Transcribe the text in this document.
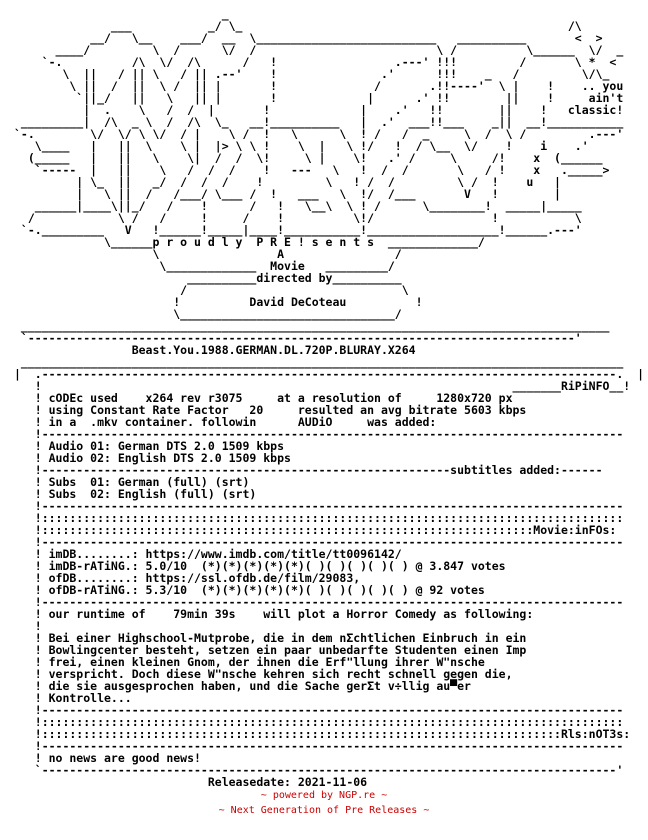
_
___           _/ \_                                               /\
__/   \__    ___/  __  \__________________________   __________       <  >
____/         \  /      \/  /                          \ /          \______  \/  _
`-.          /\  \/  /\      /   !                 .---' !!!         /       \ *  <
\  ||   / || \   / || .--'    !               .'      !!!    _   /         \/\_
\ ||  /  ||  \ /  || |       !              /       .!!----'  \ |    !    .. you
`||_/   ||   \   || |       !             |      .' !!        ||    !     ain't
|  .    \   /  /  |       !             |    .'   !!        ||    !   classic!
_________|  /\  _ \  /  /\  \_   __!__________   |  .'  ___!!___    _||  __!___________
`-.        \/  \/ \ \/  / |    \ /  !   \      \  ! /   /  _     \  /  \ /         .---'
\____   |   ||  \    \ |  |> \ \ !    \  |   \ !/   !  / \__  \/    !    i    .'
(_____   |   ||   \    \|  /  /  \!     \ |    \!   .' /     \     /!    x  (______
`-----  |   ||    \   /  /  /    !   ---   \   !  /  /       \   / !    x   ._____>
| \_  ||   _/  /  /  /    !         \   ! /  /         \ /  !    u   |
|   \ ||  /   /___/ \___ /  !   ___   \  !/  /___       V   !        |
______|____\||_/   /    !      /   !   \__\  \ ! /      \________!  _____|_____
/            \ /   /     !     /    !          \!/                 !           \
`-._________   V   !______!_____|____!___________!___________________!______.---'
\______p r o u d l y  P R E ! s e n t s  _____________/
\                 A                /
\_____________  Movie   _________/
__________directed by__________
/                               \
!          David DeCoteau          !
\_______________________________/
_____________________________________________________________________________________
`-------------------------------------------------------------------------------'
Beast.You.1988.GERMAN.DL.720P.BLURAY.X264
_______________________________________________________________________________________
|  .-----------------------------------------------------------------------------------.  |
!                                                                    _______RiPiNFO__!
! cODEc used    x264 rev r3075     at a resolution of     1280x720 px
! using Constant Rate Factor   20     resulted an avg bitrate 5603 kbps
! in a  .mkv container. followin      AUDiO     was added:
!------------------------------------------------------------------------------------
! Audio 01: German DTS 2.0 1509 kbps
! Audio 02: English DTS 2.0 1509 kbps
!-----------------------------------------------------------subtitles added:------
! Subs  01: German (full) (srt)
! Subs  02: English (full) (srt)
!------------------------------------------------------------------------------------
!::::::::::::::::::::::::::::::::::::::::::::::::::::::::::::::::::::::::::::::::::::
!:::::::::::::::::::::::::::::::::::::::::::::::::::::::::::::::::::::::Movie:inFOs:
!------------------------------------------------------------------------------------
! imDB........: https://www.imdb.com/title/tt0096142/
! imDB-rATiNG.: 5.0/10  (*)(*)(*)(*)(*)( )( )( )( )( ) @ 3.847 votes
! ofDB........: https://ssl.ofdb.de/film/29083,
! ofDB-rATiNG.: 5.3/10  (*)(*)(*)(*)(*)( )( )( )( )( ) @ 92 votes
!------------------------------------------------------------------------------------
! our runtime of    79min 39s    will plot a Horror Comedy as following:
!
! Bei einer Highschool-Mutprobe, die in dem nΣchtlichen Einbruch in ein
! Bowlingcenter besteht, setzen ein paar unbedarfte Studenten einen Imp
! frei, einen kleinen Gnom, der ihnen die Erf"llung ihrer W"nsche
! verspricht. Doch diese W"nsche kehren sich recht schnell gegen die,
! die sie ausgesprochen haben, und die Sache gerΣt v÷llig au▀er
! Kontrolle...
!------------------------------------------------------------------------------------
!::::::::::::::::::::::::::::::::::::::::::::::::::::::::::::::::::::::::::::::::::::
!:::::::::::::::::::::::::::::::::::::::::::::::::::::::::::::::::::::::::::Rls:nOT3s:
!------------------------------------------------------------------------------------
! no news are good news!
`-----------------------------------------------------------------------------------'
Releasedate: 2021-11-06
~ powered by NGP.re ~
~ Next Generation of Pre Releases ~
